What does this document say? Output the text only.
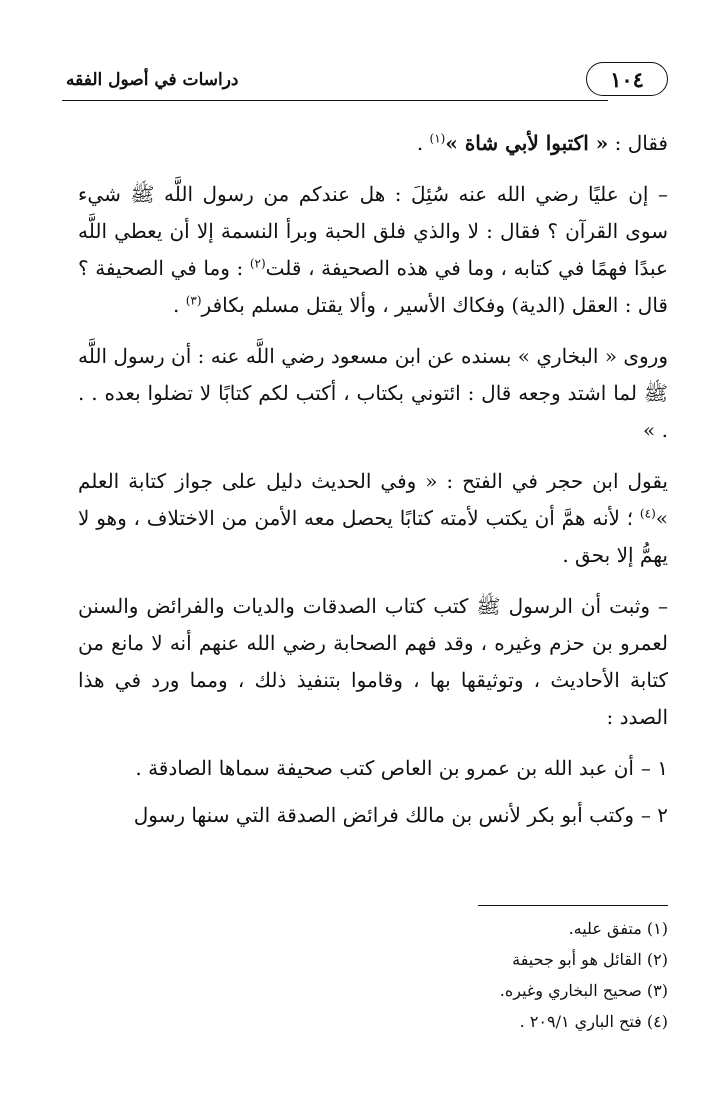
١٠٤
دراسات في أصول الفقه

فقال : « اكتبوا لأبي شاة »$^{(١)}$ .

– إن عليًا رضي الله عنه سُئِلَ : هل عندكم من رسول اللَّه ﷺ شيء سوى القرآن ؟ فقال : لا والذي فلق الحبة وبرأ النسمة إلا أن يعطي اللَّه عبدًا فهمًا في كتابه ، وما في هذه الصحيفة ، قلت$^{(٢)}$ : وما في الصحيفة ؟ قال : العقل (الدية) وفكاك الأسير ، وألا يقتل مسلم بكافر$^{(٣)}$ .

وروى « البخاري » بسنده عن ابن مسعود رضي اللَّه عنه : أن رسول اللَّه ﷺ لما اشتد وجعه قال : ائتوني بكتاب ، أكتب لكم كتابًا لا تضلوا بعده . . . »

يقول ابن حجر في الفتح : « وفي الحديث دليل على جواز كتابة العلم »$^{(٤)}$ ؛ لأنه همَّ أن يكتب لأمته كتابًا يحصل معه الأمن من الاختلاف ، وهو لا يهمُّ إلا بحق .

– وثبت أن الرسول ﷺ كتب كتاب الصدقات والديات والفرائض والسنن لعمرو بن حزم وغيره ، وقد فهم الصحابة رضي الله عنهم أنه لا مانع من كتابة الأحاديث ، وتوثيقها بها ، وقاموا بتنفيذ ذلك ، ومما ورد في هذا الصدد :

١ –
أن عبد الله بن عمرو بن العاص كتب صحيفة سماها الصادقة .

٢ –
وكتب أبو بكر لأنس بن مالك فرائض الصدقة التي سنها رسول

(١) متفق عليه.
(٢) القائل هو أبو جحيفة
(٣) صحيح البخاري وغيره.
(٤) فتح الباري ٢٠٩/١ .
